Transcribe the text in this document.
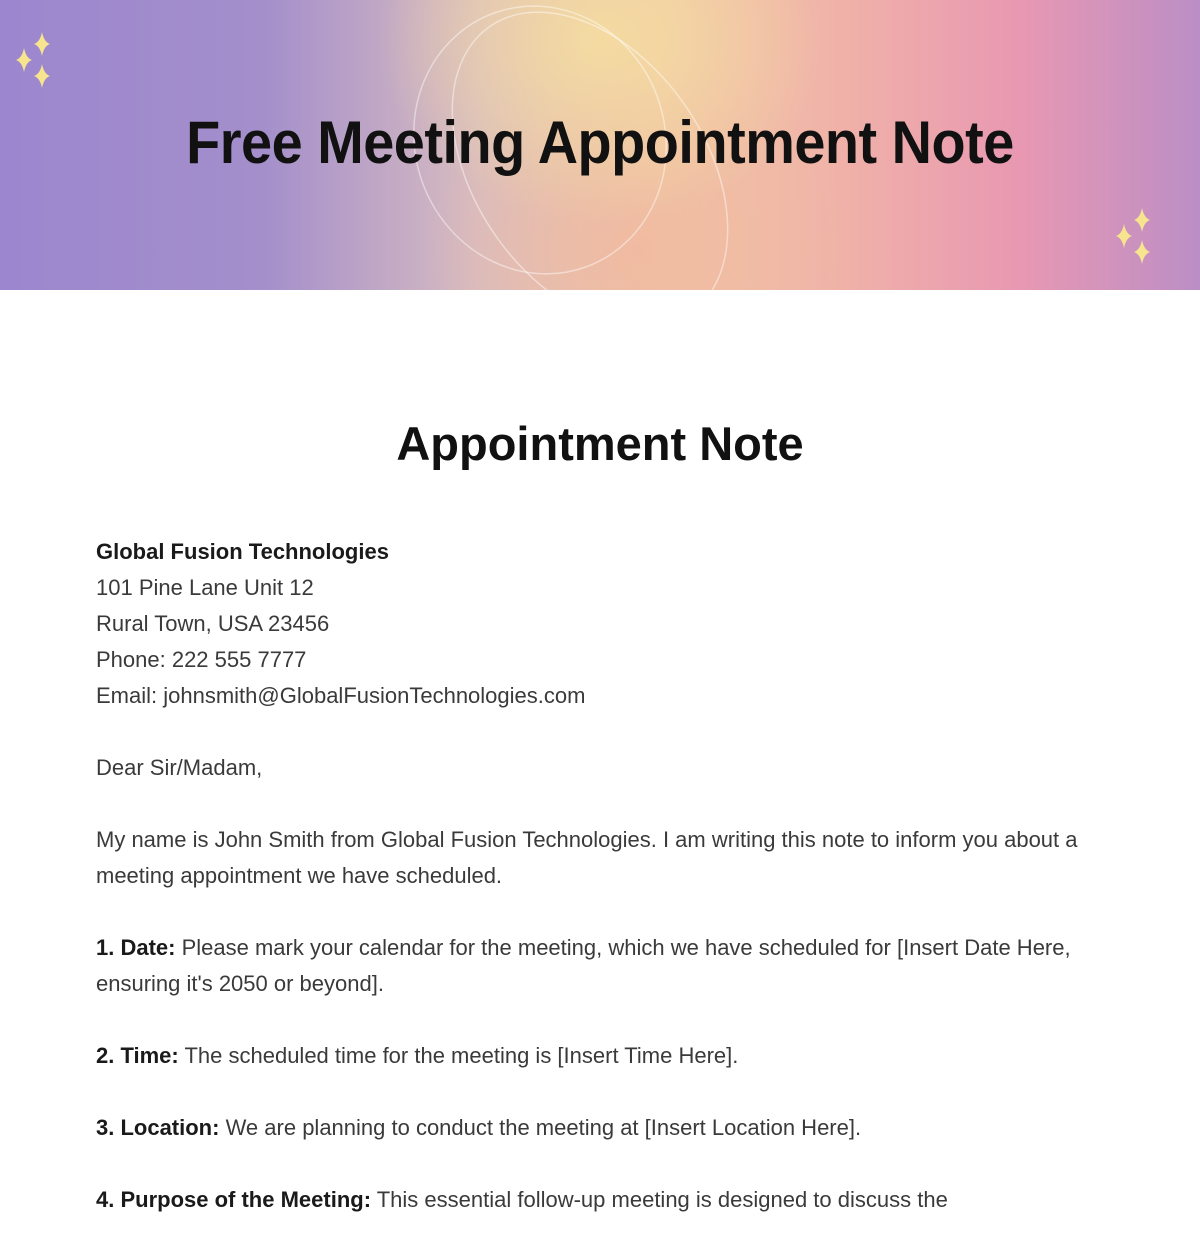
Free Meeting Appointment Note
Appointment Note
Global Fusion Technologies
101 Pine Lane Unit 12
Rural Town, USA 23456
Phone: 222 555 7777
Email: johnsmith@GlobalFusionTechnologies.com

Dear Sir/Madam,

My name is John Smith from Global Fusion Technologies. I am writing this note to inform you about a meeting appointment we have scheduled.

1. Date: Please mark your calendar for the meeting, which we have scheduled for [Insert Date Here, ensuring it's 2050 or beyond].

2. Time: The scheduled time for the meeting is [Insert Time Here].

3. Location: We are planning to conduct the meeting at [Insert Location Here].

4. Purpose of the Meeting: This essential follow-up meeting is designed to discuss the
